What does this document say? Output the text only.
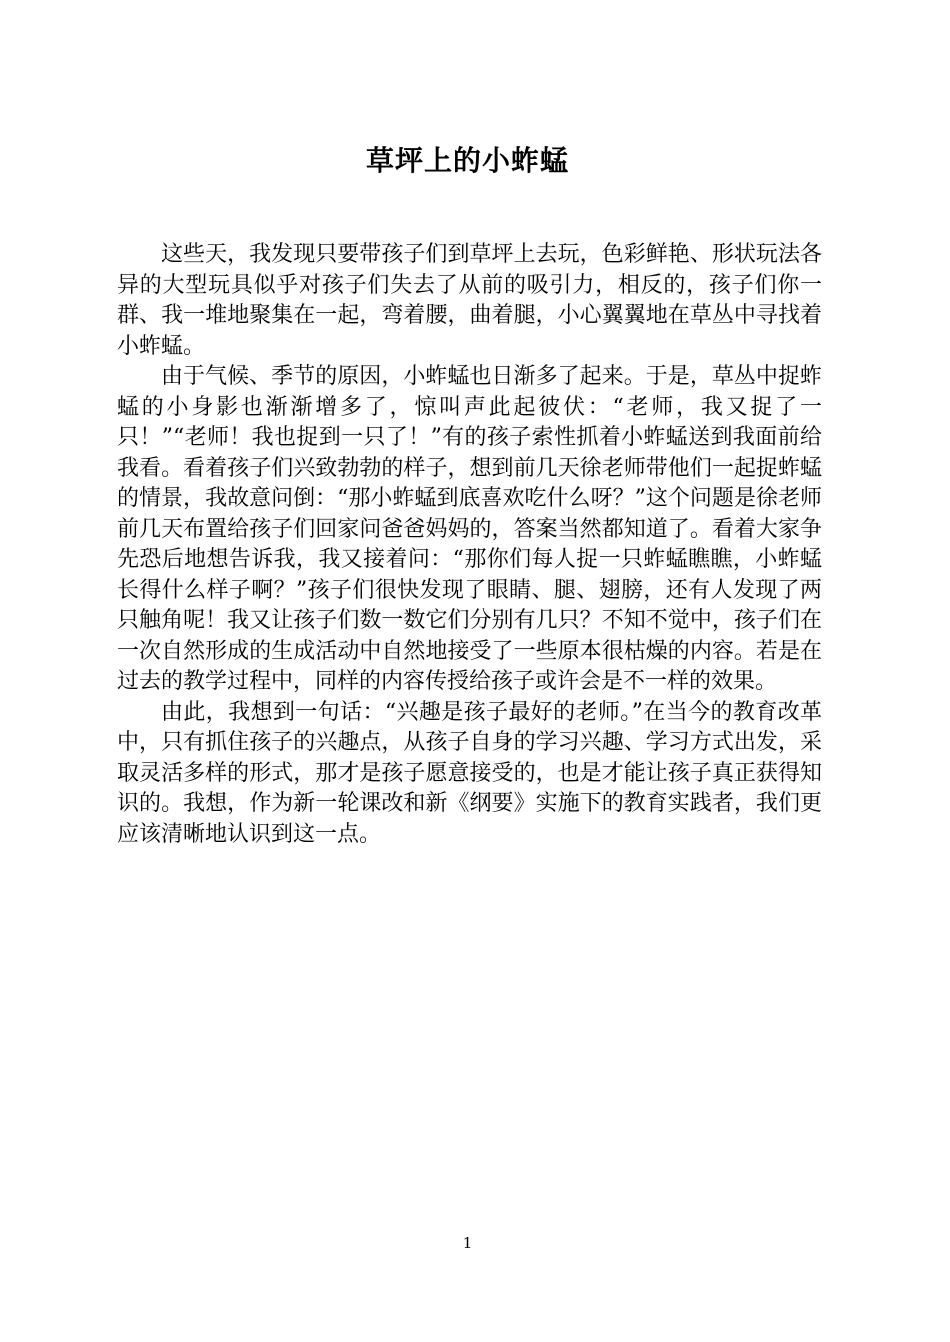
草坪上的小蚱蜢

这些天，我发现只要带孩子们到草坪上去玩，色彩鲜艳、形状玩法各异的大型玩具似乎对孩子们失去了从前的吸引力，相反的，孩子们你一群、我一堆地聚集在一起，弯着腰，曲着腿，小心翼翼地在草丛中寻找着小蚱蜢。

由于气候、季节的原因，小蚱蜢也日渐多了起来。于是，草丛中捉蚱蜢的小身影也渐渐增多了，惊叫声此起彼伏：“老师，我又捉了一只！”“老师！我也捉到一只了！”有的孩子索性抓着小蚱蜢送到我面前给我看。看着孩子们兴致勃勃的样子，想到前几天徐老师带他们一起捉蚱蜢的情景，我故意问倒：“那小蚱蜢到底喜欢吃什么呀？”这个问题是徐老师前几天布置给孩子们回家问爸爸妈妈的，答案当然都知道了。看着大家争先恐后地想告诉我，我又接着问：“那你们每人捉一只蚱蜢瞧瞧，小蚱蜢长得什么样子啊？”孩子们很快发现了眼睛、腿、翅膀，还有人发现了两只触角呢！我又让孩子们数一数它们分别有几只？不知不觉中，孩子们在一次自然形成的生成活动中自然地接受了一些原本很枯燥的内容。若是在过去的教学过程中，同样的内容传授给孩子或许会是不一样的效果。

由此，我想到一句话：“兴趣是孩子最好的老师。”在当今的教育改革中，只有抓住孩子的兴趣点，从孩子自身的学习兴趣、学习方式出发，采取灵活多样的形式，那才是孩子愿意接受的，也是才能让孩子真正获得知识的。我想，作为新一轮课改和新《纲要》实施下的教育实践者，我们更应该清晰地认识到这一点。

1
